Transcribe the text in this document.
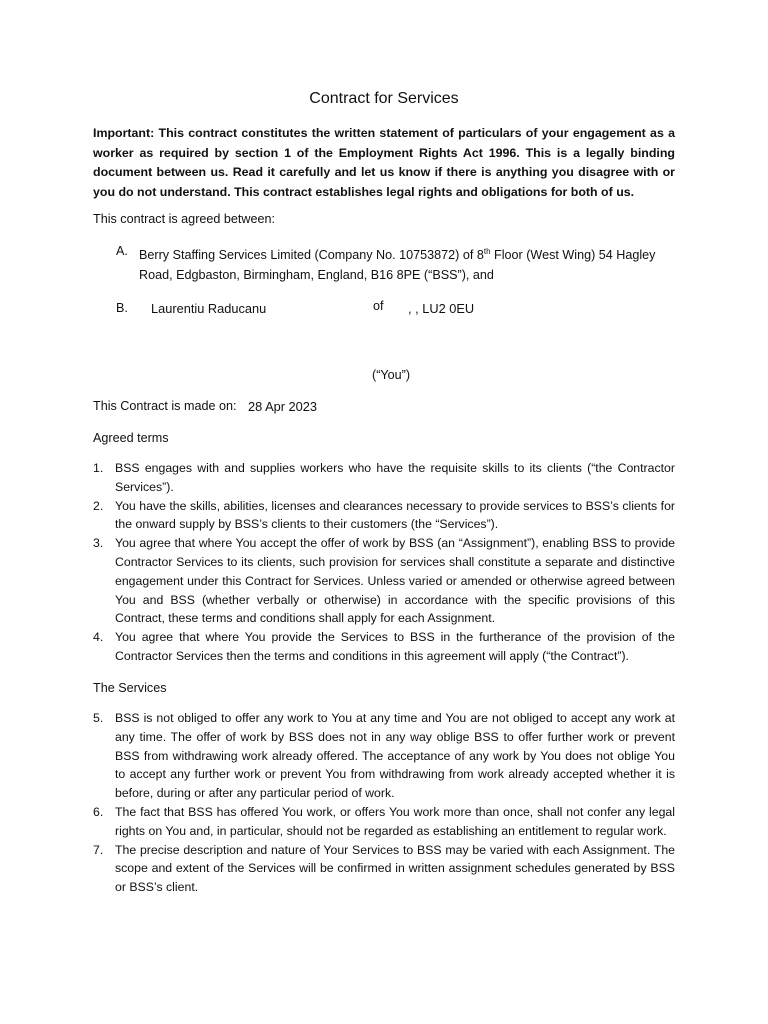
Contract for Services

Important: This contract constitutes the written statement of particulars of your engagement as a worker as required by section 1 of the Employment Rights Act 1996. This is a legally binding document between us. Read it carefully and let us know if there is anything you disagree with or you do not understand. This contract establishes legal rights and obligations for both of us.

This contract is agreed between:

A. Berry Staffing Services Limited (Company No. 10753872) of 8th Floor (West Wing) 54 Hagley Road, Edgbaston, Birmingham, England, B16 8PE (“BSS”), and

B. Laurentiu Raducanu	of , , LU2 0EU

(“You”)

This Contract is made on: 28 Apr 2023

Agreed terms
1. BSS engages with and supplies workers who have the requisite skills to its clients (“the Contractor Services”).
2. You have the skills, abilities, licenses and clearances necessary to provide services to BSS’s clients for the onward supply by BSS’s clients to their customers (the “Services”).
3. You agree that where You accept the offer of work by BSS (an “Assignment”), enabling BSS to provide Contractor Services to its clients, such provision for services shall constitute a separate and distinctive engagement under this Contract for Services. Unless varied or amended or otherwise agreed between You and BSS (whether verbally or otherwise) in accordance with the specific provisions of this Contract, these terms and conditions shall apply for each Assignment.
4. You agree that where You provide the Services to BSS in the furtherance of the provision of the Contractor Services then the terms and conditions in this agreement will apply (“the Contract”).
The Services
5. BSS is not obliged to offer any work to You at any time and You are not obliged to accept any work at any time. The offer of work by BSS does not in any way oblige BSS to offer further work or prevent BSS from withdrawing work already offered. The acceptance of any work by You does not oblige You to accept any further work or prevent You from withdrawing from work already accepted whether it is before, during or after any particular period of work.
6. The fact that BSS has offered You work, or offers You work more than once, shall not confer any legal rights on You and, in particular, should not be regarded as establishing an entitlement to regular work.
7. The precise description and nature of Your Services to BSS may be varied with each Assignment. The scope and extent of the Services will be confirmed in written assignment schedules generated by BSS or BSS’s client.
